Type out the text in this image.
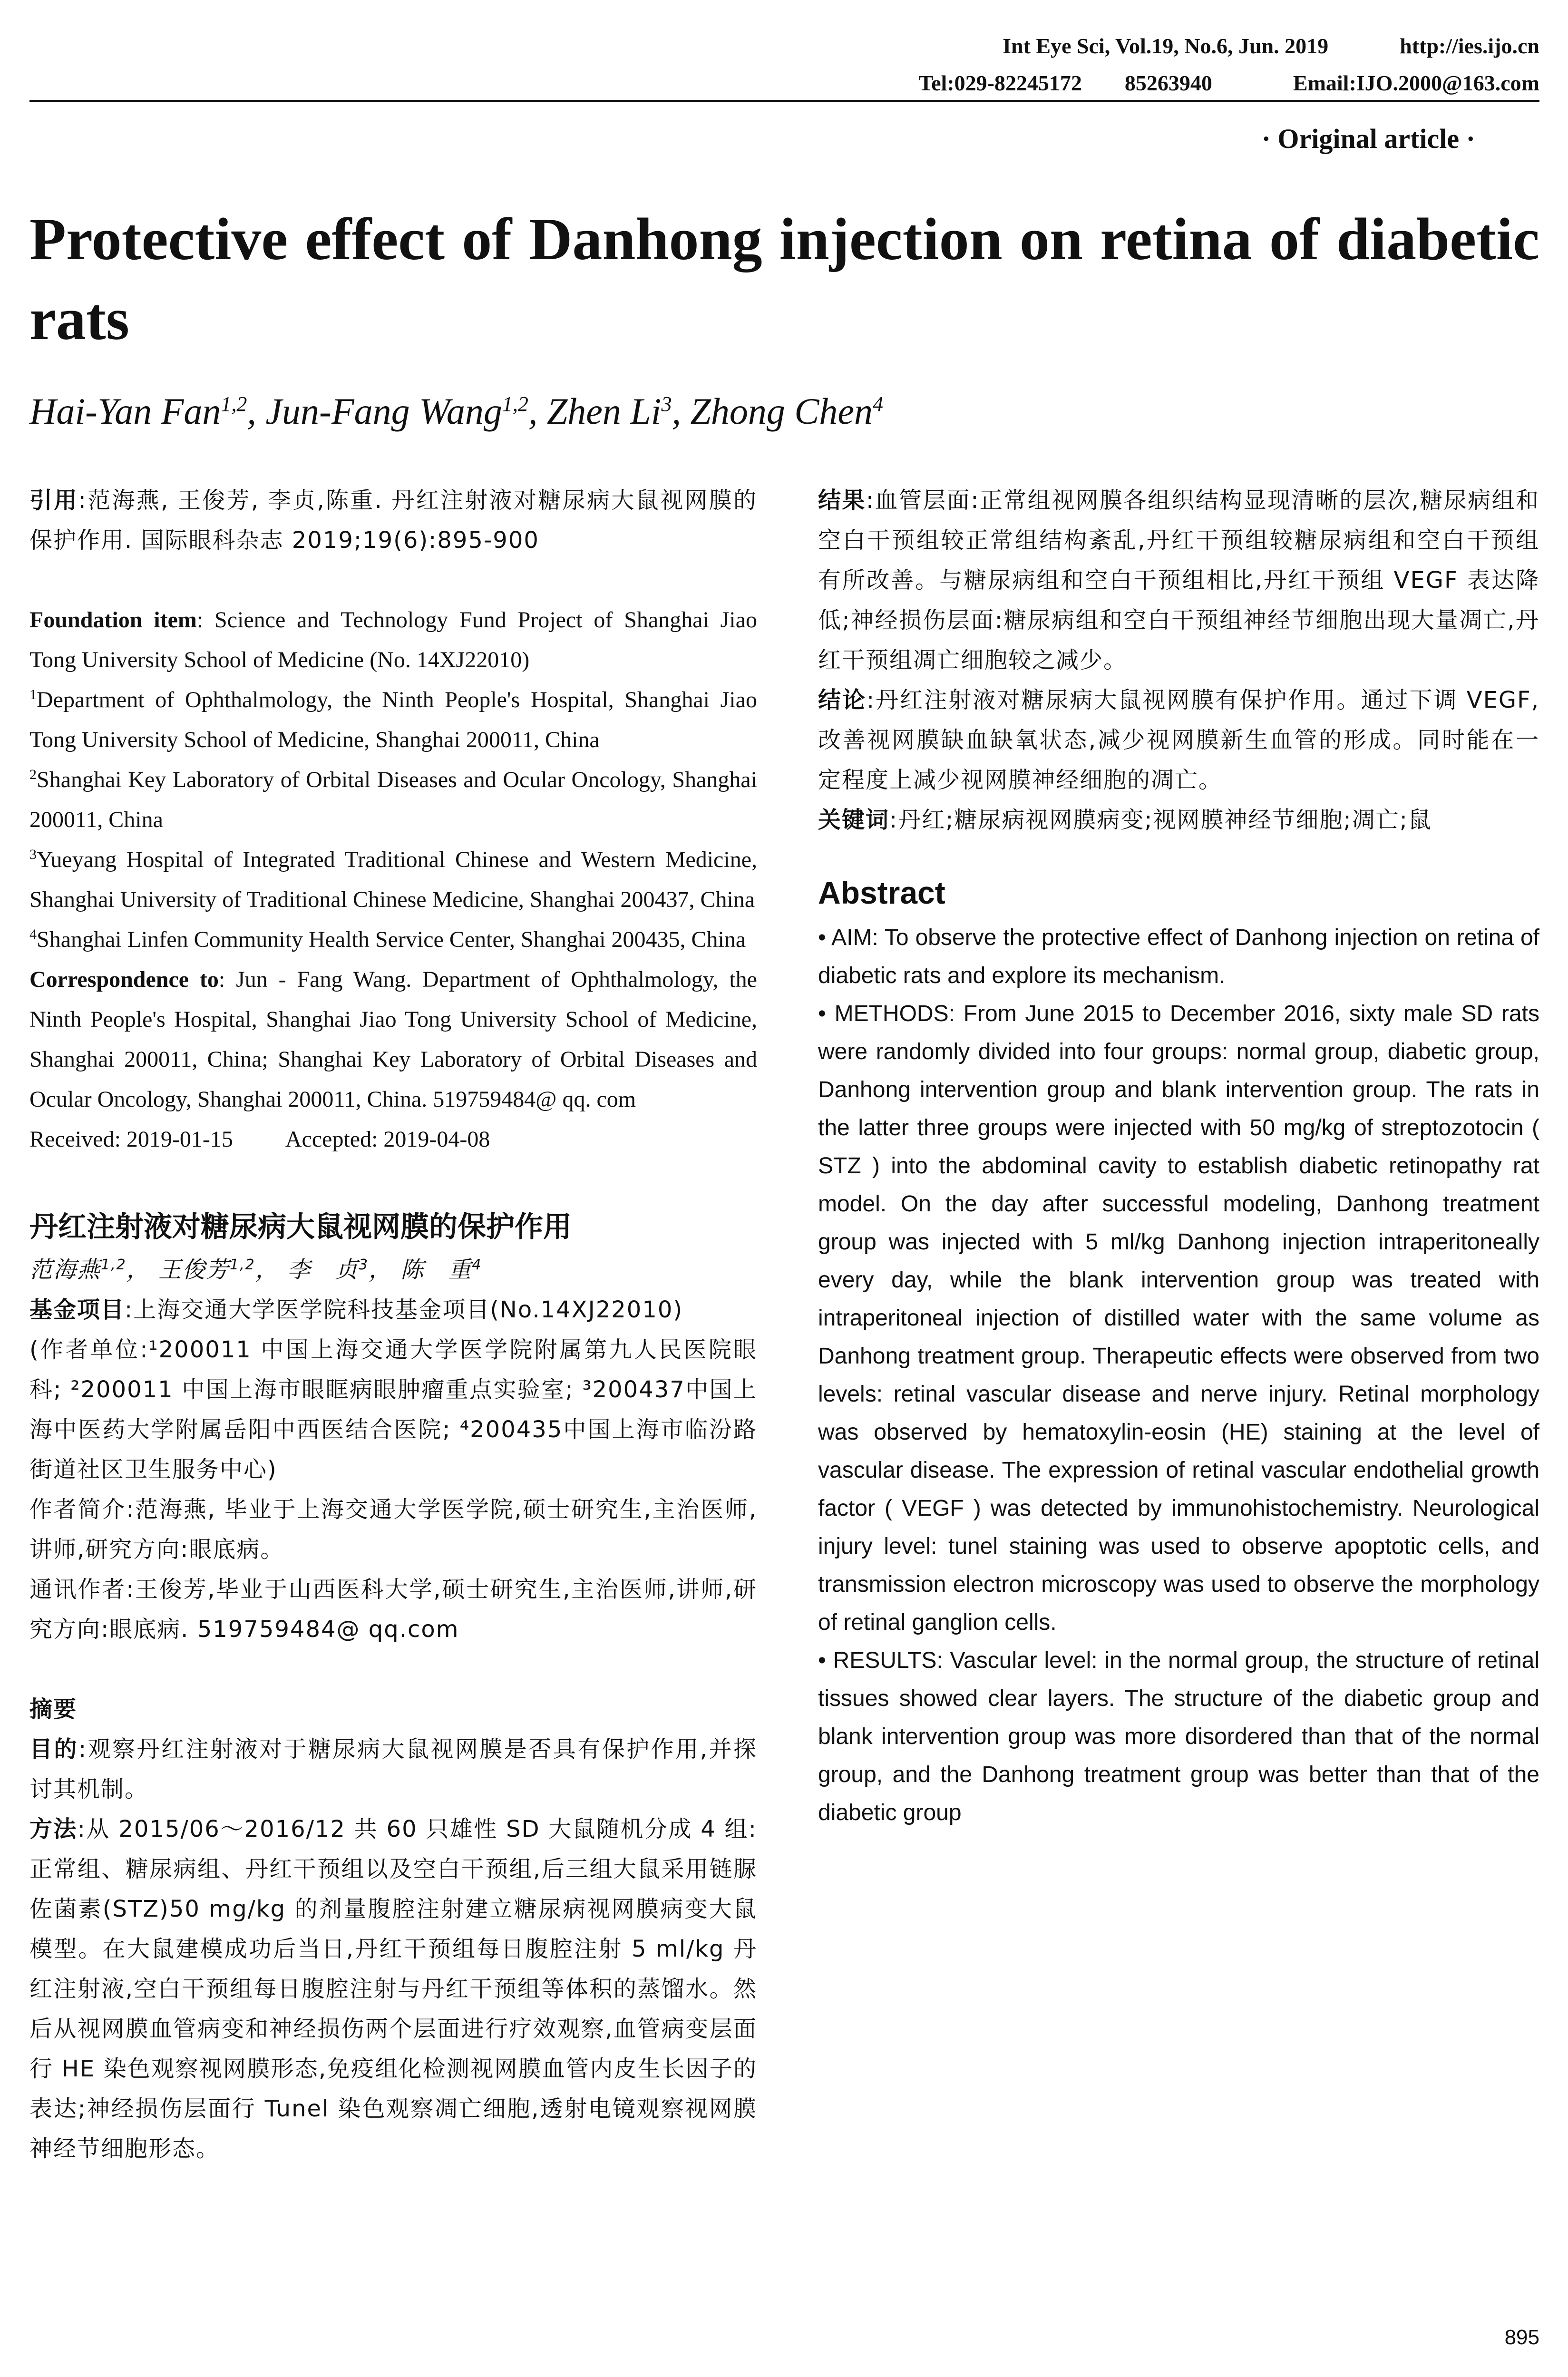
Int Eye Sci, Vol.19, No.6, Jun. 2019	http://ies.ijo.cn
Tel:029-82245172 85263940	Email:IJO.2000@163.com
· Original article ·
Protective effect of Danhong injection on retina of diabetic rats
Hai-Yan Fan$^{1,2}$, Jun-Fang Wang$^{1,2}$, Zhen Li$^3$, Zhong Chen$^4$

引用:范海燕, 王俊芳, 李贞,陈重. 丹红注射液对糖尿病大鼠视网膜的保护作用. 国际眼科杂志 2019;19(6):895-900

Foundation item: Science and Technology Fund Project of Shanghai Jiao Tong University School of Medicine (No. 14XJ22010)

$^1$Department of Ophthalmology, the Ninth People's Hospital, Shanghai Jiao Tong University School of Medicine, Shanghai 200011, China

$^2$Shanghai Key Laboratory of Orbital Diseases and Ocular Oncology, Shanghai 200011, China

$^3$Yueyang Hospital of Integrated Traditional Chinese and Western Medicine, Shanghai University of Traditional Chinese Medicine, Shanghai 200437, China

$^4$Shanghai Linfen Community Health Service Center, Shanghai 200435, China

Correspondence to: Jun - Fang Wang. Department of Ophthalmology, the Ninth People's Hospital, Shanghai Jiao Tong University School of Medicine, Shanghai 200011, China; Shanghai Key Laboratory of Orbital Diseases and Ocular Oncology, Shanghai 200011, China. 519759484@ qq. com

Received: 2019-01-15 Accepted: 2019-04-08

丹红注射液对糖尿病大鼠视网膜的保护作用

范海燕$^{1,2}$， 王俊芳$^{1,2}$， 李　贞$^3$， 陈　重$^4$

基金项目:上海交通大学医学院科技基金项目(No.14XJ22010)

(作者单位:¹200011 中国上海交通大学医学院附属第九人民医院眼科; ²200011 中国上海市眼眶病眼肿瘤重点实验室; ³200437中国上海中医药大学附属岳阳中西医结合医院; ⁴200435中国上海市临汾路街道社区卫生服务中心)

作者简介:范海燕, 毕业于上海交通大学医学院,硕士研究生,主治医师,讲师,研究方向:眼底病。

通讯作者:王俊芳,毕业于山西医科大学,硕士研究生,主治医师,讲师,研究方向:眼底病. 519759484@ qq.com

摘要

目的:观察丹红注射液对于糖尿病大鼠视网膜是否具有保护作用,并探讨其机制。

方法:从 2015/06～2016/12 共 60 只雄性 SD 大鼠随机分成 4 组:正常组、糖尿病组、丹红干预组以及空白干预组,后三组大鼠采用链脲佐菌素(STZ)50 mg/kg 的剂量腹腔注射建立糖尿病视网膜病变大鼠模型。在大鼠建模成功后当日,丹红干预组每日腹腔注射 5 ml/kg 丹红注射液,空白干预组每日腹腔注射与丹红干预组等体积的蒸馏水。然后从视网膜血管病变和神经损伤两个层面进行疗效观察,血管病变层面行 HE 染色观察视网膜形态,免疫组化检测视网膜血管内皮生长因子的表达;神经损伤层面行 Tunel 染色观察凋亡细胞,透射电镜观察视网膜神经节细胞形态。

结果:血管层面:正常组视网膜各组织结构显现清晰的层次,糖尿病组和空白干预组较正常组结构紊乱,丹红干预组较糖尿病组和空白干预组有所改善。与糖尿病组和空白干预组相比,丹红干预组 VEGF 表达降低;神经损伤层面:糖尿病组和空白干预组神经节细胞出现大量凋亡,丹红干预组凋亡细胞较之减少。

结论:丹红注射液对糖尿病大鼠视网膜有保护作用。通过下调 VEGF,改善视网膜缺血缺氧状态,减少视网膜新生血管的形成。同时能在一定程度上减少视网膜神经细胞的凋亡。

关键词:丹红;糖尿病视网膜病变;视网膜神经节细胞;凋亡;鼠

Abstract

• AIM: To observe the protective effect of Danhong injection on retina of diabetic rats and explore its mechanism.

• METHODS: From June 2015 to December 2016, sixty male SD rats were randomly divided into four groups: normal group, diabetic group, Danhong intervention group and blank intervention group. The rats in the latter three groups were injected with 50 mg/kg of streptozotocin ( STZ ) into the abdominal cavity to establish diabetic retinopathy rat model. On the day after successful modeling, Danhong treatment group was injected with 5 ml/kg Danhong injection intraperitoneally every day, while the blank intervention group was treated with intraperitoneal injection of distilled water with the same volume as Danhong treatment group. Therapeutic effects were observed from two levels: retinal vascular disease and nerve injury. Retinal morphology was observed by hematoxylin-eosin (HE) staining at the level of vascular disease. The expression of retinal vascular endothelial growth factor ( VEGF ) was detected by immunohistochemistry. Neurological injury level: tunel staining was used to observe apoptotic cells, and transmission electron microscopy was used to observe the morphology of retinal ganglion cells.

• RESULTS: Vascular level: in the normal group, the structure of retinal tissues showed clear layers. The structure of the diabetic group and blank intervention group was more disordered than that of the normal group, and the Danhong treatment group was better than that of the diabetic group

895
